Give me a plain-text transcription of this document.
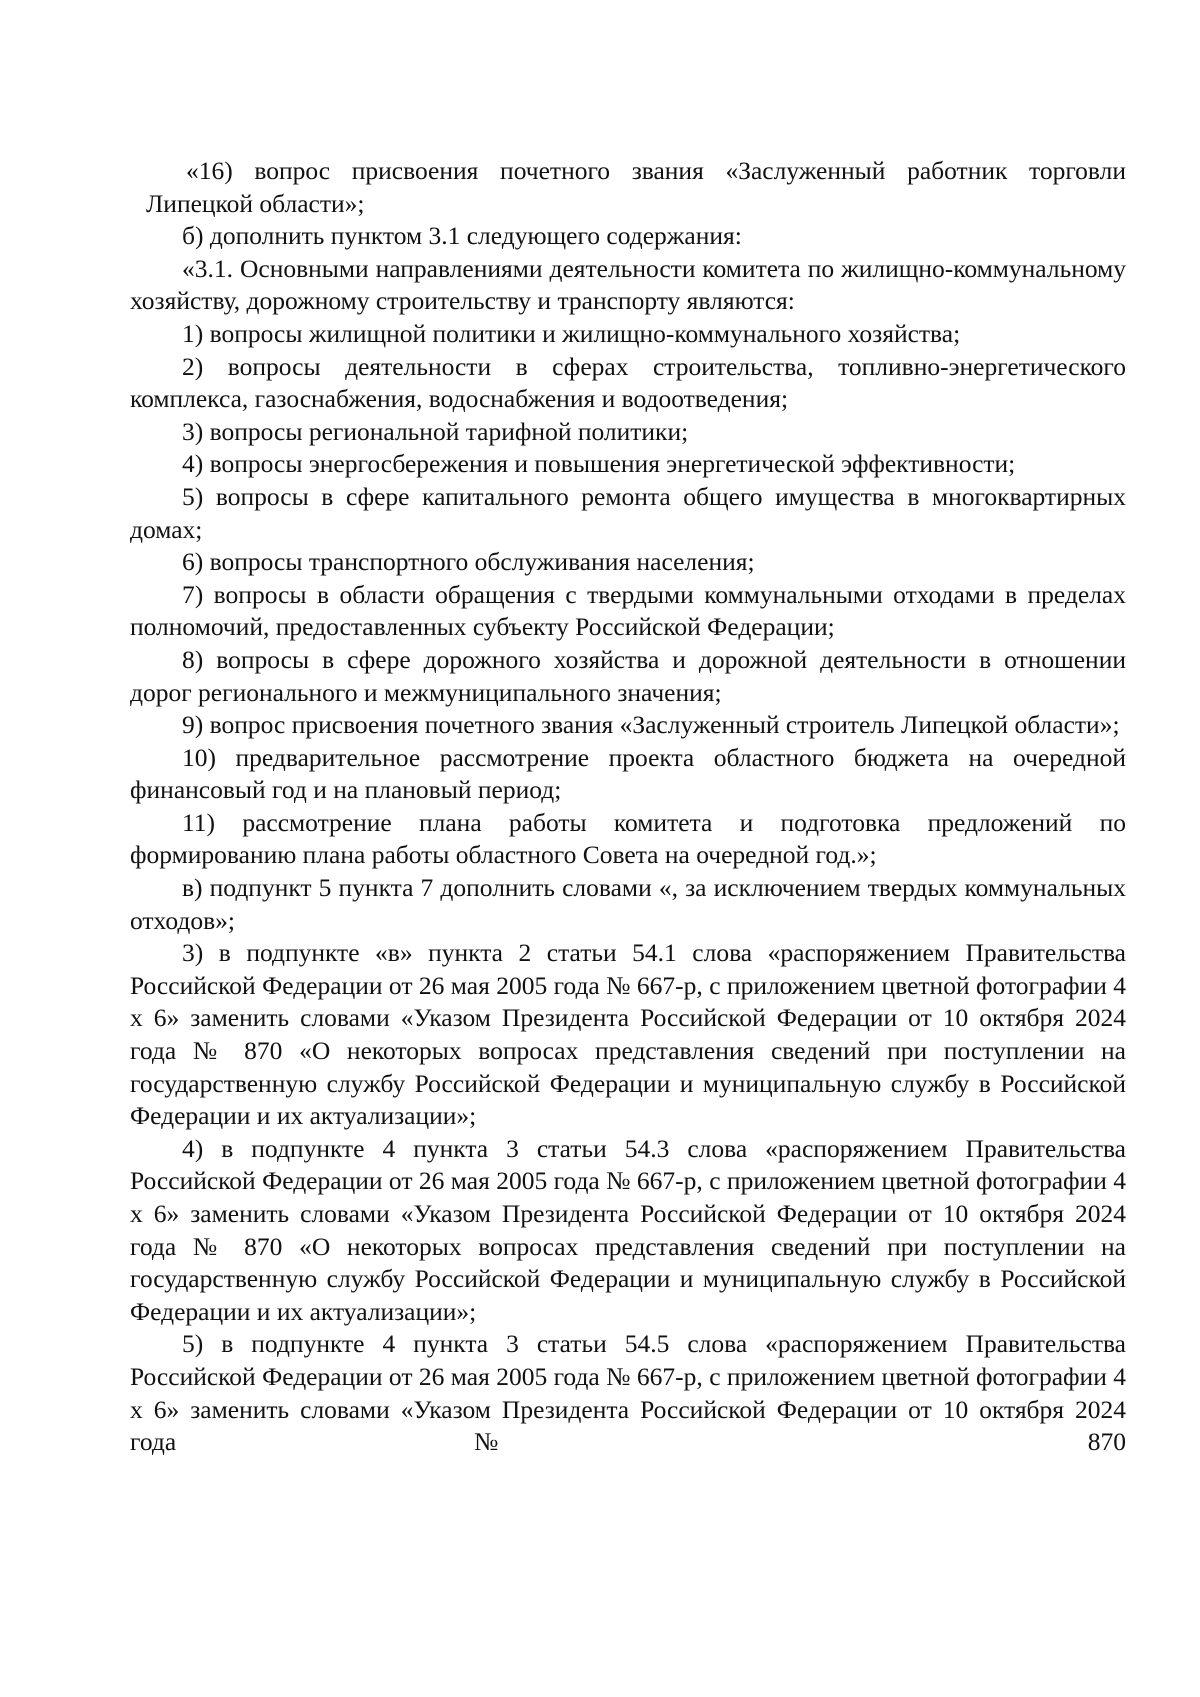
«16) вопрос присвоения почетного звания «Заслуженный работник торговли Липецкой области»;

б) дополнить пунктом 3.1 следующего содержания:

«3.1. Основными направлениями деятельности комитета по жилищно-коммунальному хозяйству, дорожному строительству и транспорту являются:

1) вопросы жилищной политики и жилищно-коммунального хозяйства;

2) вопросы деятельности в сферах строительства, топливно-энергетического комплекса, газоснабжения, водоснабжения и водоотведения;

3) вопросы региональной тарифной политики;

4) вопросы энергосбережения и повышения энергетической эффективности;

5) вопросы в сфере капитального ремонта общего имущества в многоквартирных домах;

6) вопросы транспортного обслуживания населения;

7) вопросы в области обращения с твердыми коммунальными отходами в пределах полномочий, предоставленных субъекту Российской Федерации;

8) вопросы в сфере дорожного хозяйства и дорожной деятельности в отношении дорог регионального и межмуниципального значения;

9) вопрос присвоения почетного звания «Заслуженный строитель Липецкой области»;

10) предварительное рассмотрение проекта областного бюджета на очередной финансовый год и на плановый период;

11) рассмотрение плана работы комитета и подготовка предложений по формированию плана работы областного Совета на очередной год.»;

в) подпункт 5 пункта 7 дополнить словами «, за исключением твердых коммунальных отходов»;

3) в подпункте «в» пункта 2 статьи 54.1 слова «распоряжением Правительства Российской Федерации от 26 мая 2005 года № 667-р, с приложением цветной фотографии 4 х 6» заменить словами «Указом Президента Российской Федерации от 10 октября 2024 года № 870 «О некоторых вопросах представления сведений при поступлении на государственную службу Российской Федерации и муниципальную службу в Российской Федерации и их актуализации»;

4) в подпункте 4 пункта 3 статьи 54.3 слова «распоряжением Правительства Российской Федерации от 26 мая 2005 года № 667-р, с приложением цветной фотографии 4 х 6» заменить словами «Указом Президента Российской Федерации от 10 октября 2024 года № 870 «О некоторых вопросах представления сведений при поступлении на государственную службу Российской Федерации и муниципальную службу в Российской Федерации и их актуализации»;

5) в подпункте 4 пункта 3 статьи 54.5 слова «распоряжением Правительства Российской Федерации от 26 мая 2005 года № 667-р, с приложением цветной фотографии 4 х 6» заменить словами «Указом Президента Российской Федерации от 10 октября 2024 года № 870
